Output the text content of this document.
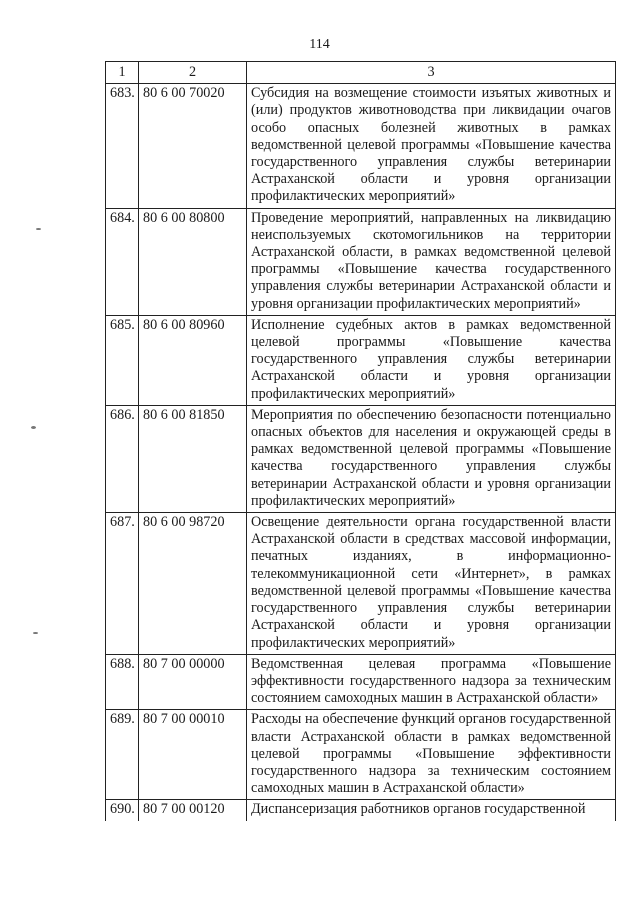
114
1	2	3
683.	80 6 00 70020	Субсидия на возмещение стоимости изъятых животных и (или) продуктов животноводства при ликвидации очагов особо опасных болезней животных в рамках ведомственной целевой программы «Повышение качества государственного управления службы ветеринарии Астраханской области и уровня организации профилактических мероприятий»
684.	80 6 00 80800	Проведение мероприятий, направленных на ликвидацию неиспользуемых скотомогильников на территории Астраханской области, в рамках ведомственной целевой программы «Повышение качества государственного управления службы ветеринарии Астраханской области и уровня организации профилактических мероприятий»
685.	80 6 00 80960	Исполнение судебных актов в рамках ведомственной целевой программы «Повышение качества государственного управления службы ветеринарии Астраханской области и уровня организации профилактических мероприятий»
686.	80 6 00 81850	Мероприятия по обеспечению безопасности потенциально опасных объектов для населения и окружающей среды в рамках ведомственной целевой программы «Повышение качества государственного управления службы ветеринарии Астраханской области и уровня организации профилактических мероприятий»
687.	80 6 00 98720	Освещение деятельности органа государственной власти Астраханской области в средствах массовой информации, печатных изданиях, в информационно-телекоммуникационной сети «Интернет», в рамках ведомственной целевой программы «Повышение качества государственного управления службы ветеринарии Астраханской области и уровня организации профилактических мероприятий»
688.	80 7 00 00000	Ведомственная целевая программа «Повышение эффективности государственного надзора за техническим состоянием самоходных машин в Астраханской области»
689.	80 7 00 00010	Расходы на обеспечение функций органов государственной власти Астраханской области в рамках ведомственной целевой программы «Повышение эффективности государственного надзора за техническим состоянием самоходных машин в Астраханской области»
690.	80 7 00 00120	Диспансеризация работников органов государственной
